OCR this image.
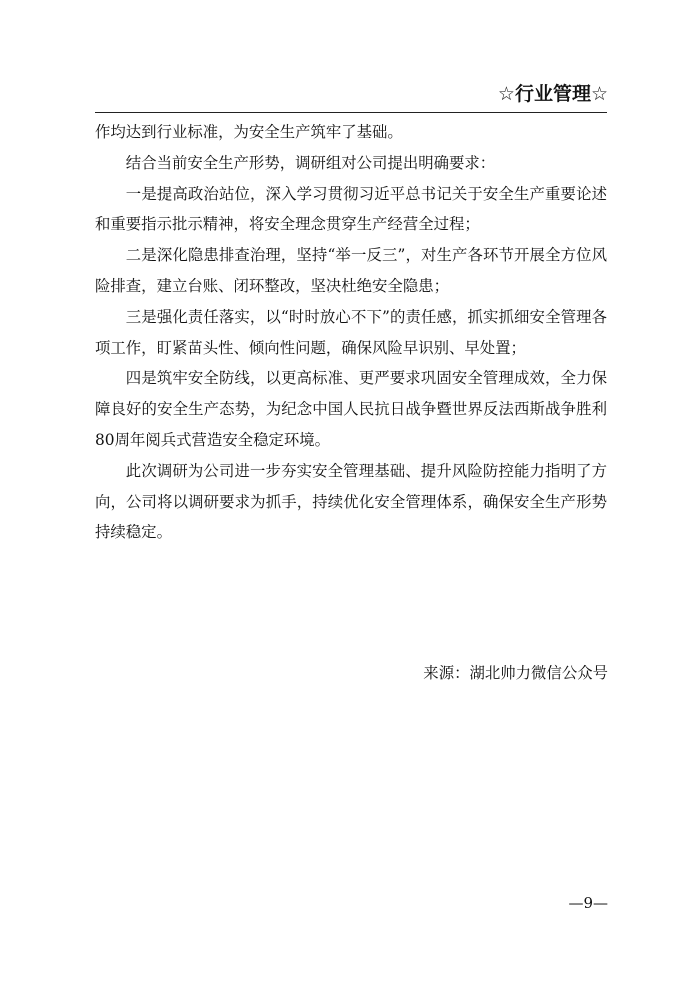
☆行业管理☆

作均达到行业标准，为安全生产筑牢了基础。

结合当前安全生产形势，调研组对公司提出明确要求：

一是提高政治站位，深入学习贯彻习近平总书记关于安全生产重要论述和重要指示批示精神，将安全理念贯穿生产经营全过程；

二是深化隐患排查治理，坚持“举一反三”，对生产各环节开展全方位风险排查，建立台账、闭环整改，坚决杜绝安全隐患；

三是强化责任落实，以“时时放心不下”的责任感，抓实抓细安全管理各项工作，盯紧苗头性、倾向性问题，确保风险早识别、早处置；

四是筑牢安全防线，以更高标准、更严要求巩固安全管理成效，全力保障良好的安全生产态势，为纪念中国人民抗日战争暨世界反法西斯战争胜利80周年阅兵式营造安全稳定环境。

此次调研为公司进一步夯实安全管理基础、提升风险防控能力指明了方向，公司将以调研要求为抓手，持续优化安全管理体系，确保安全生产形势持续稳定。

来源：湖北帅力微信公众号
—9—
